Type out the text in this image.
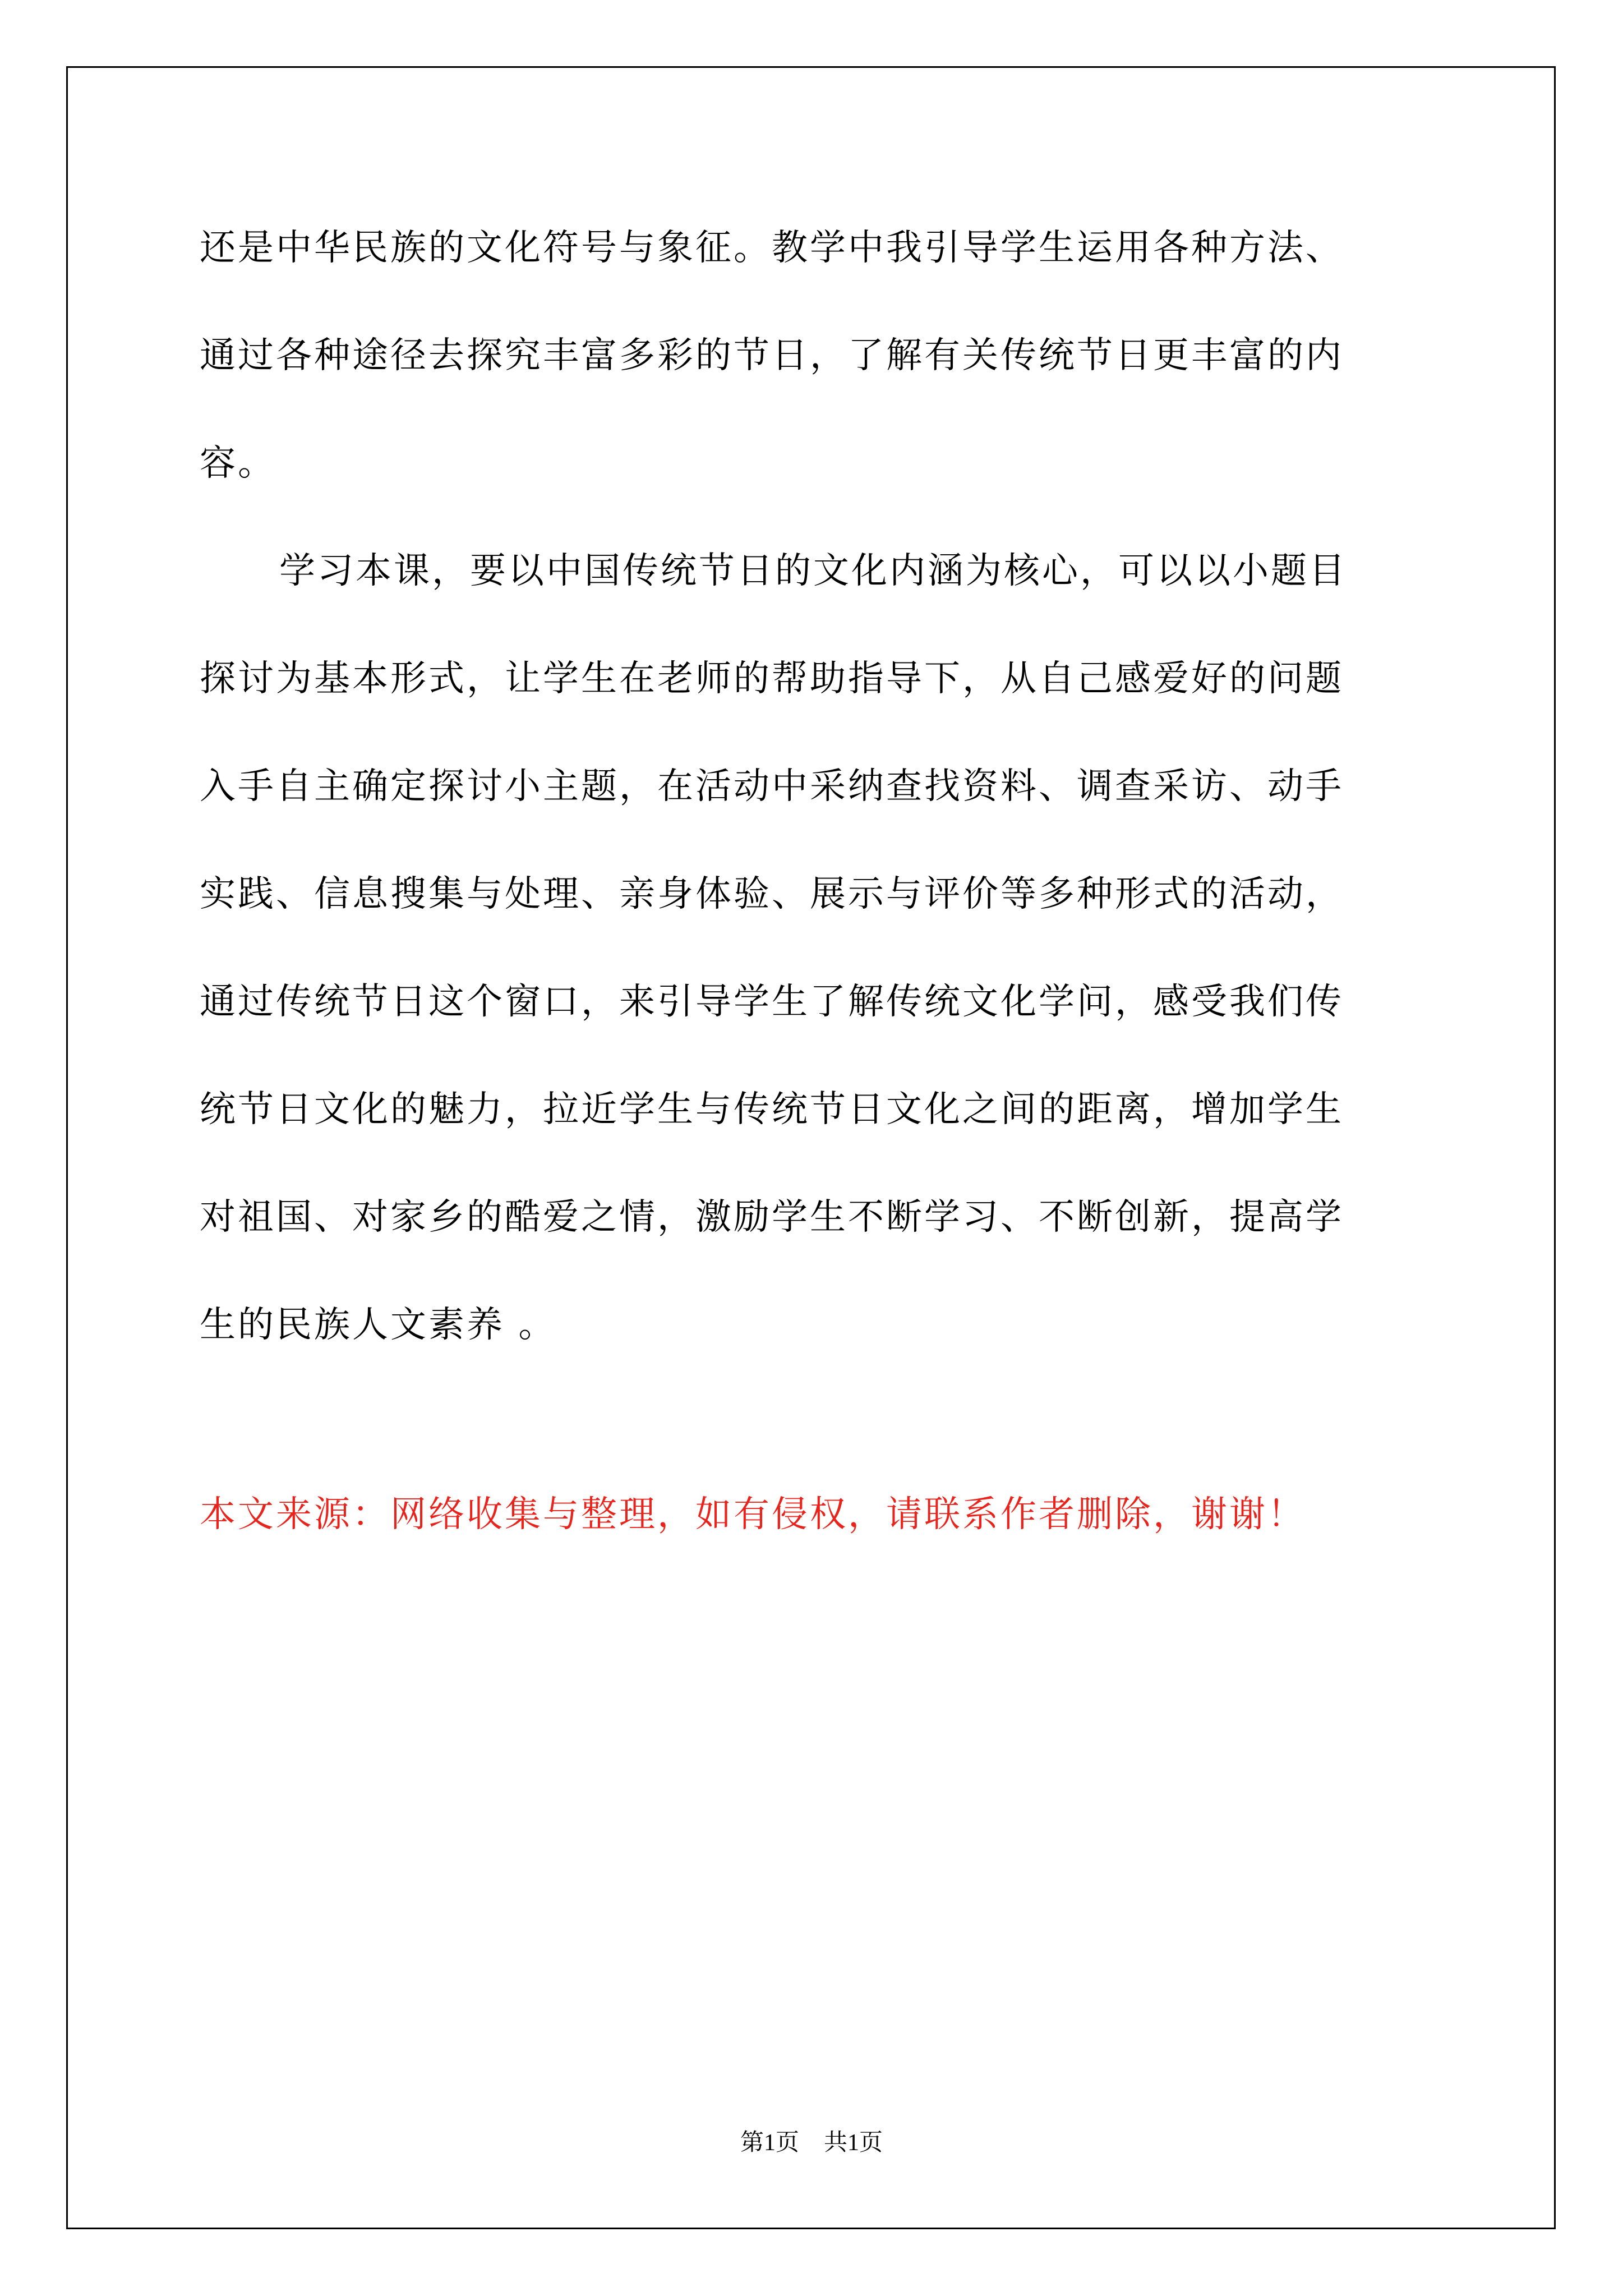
还是中华民族的文化符号与象征。教学中我引导学生运用各种方法、
通过各种途径去探究丰富多彩的节日，了解有关传统节日更丰富的内
容。
学习本课，要以中国传统节日的文化内涵为核心，可以以小题目
探讨为基本形式，让学生在老师的帮助指导下，从自己感爱好的问题
入手自主确定探讨小主题，在活动中采纳查找资料、调查采访、动手
实践、信息搜集与处理、亲身体验、展示与评价等多种形式的活动，
通过传统节日这个窗口，来引导学生了解传统文化学问，感受我们传
统节日文化的魅力，拉近学生与传统节日文化之间的距离，增加学生
对祖国、对家乡的酷爱之情，激励学生不断学习、不断创新，提高学
生的民族人文素养 。
本文来源：网络收集与整理，如有侵权，请联系作者删除，谢谢！
第1页 共1页
